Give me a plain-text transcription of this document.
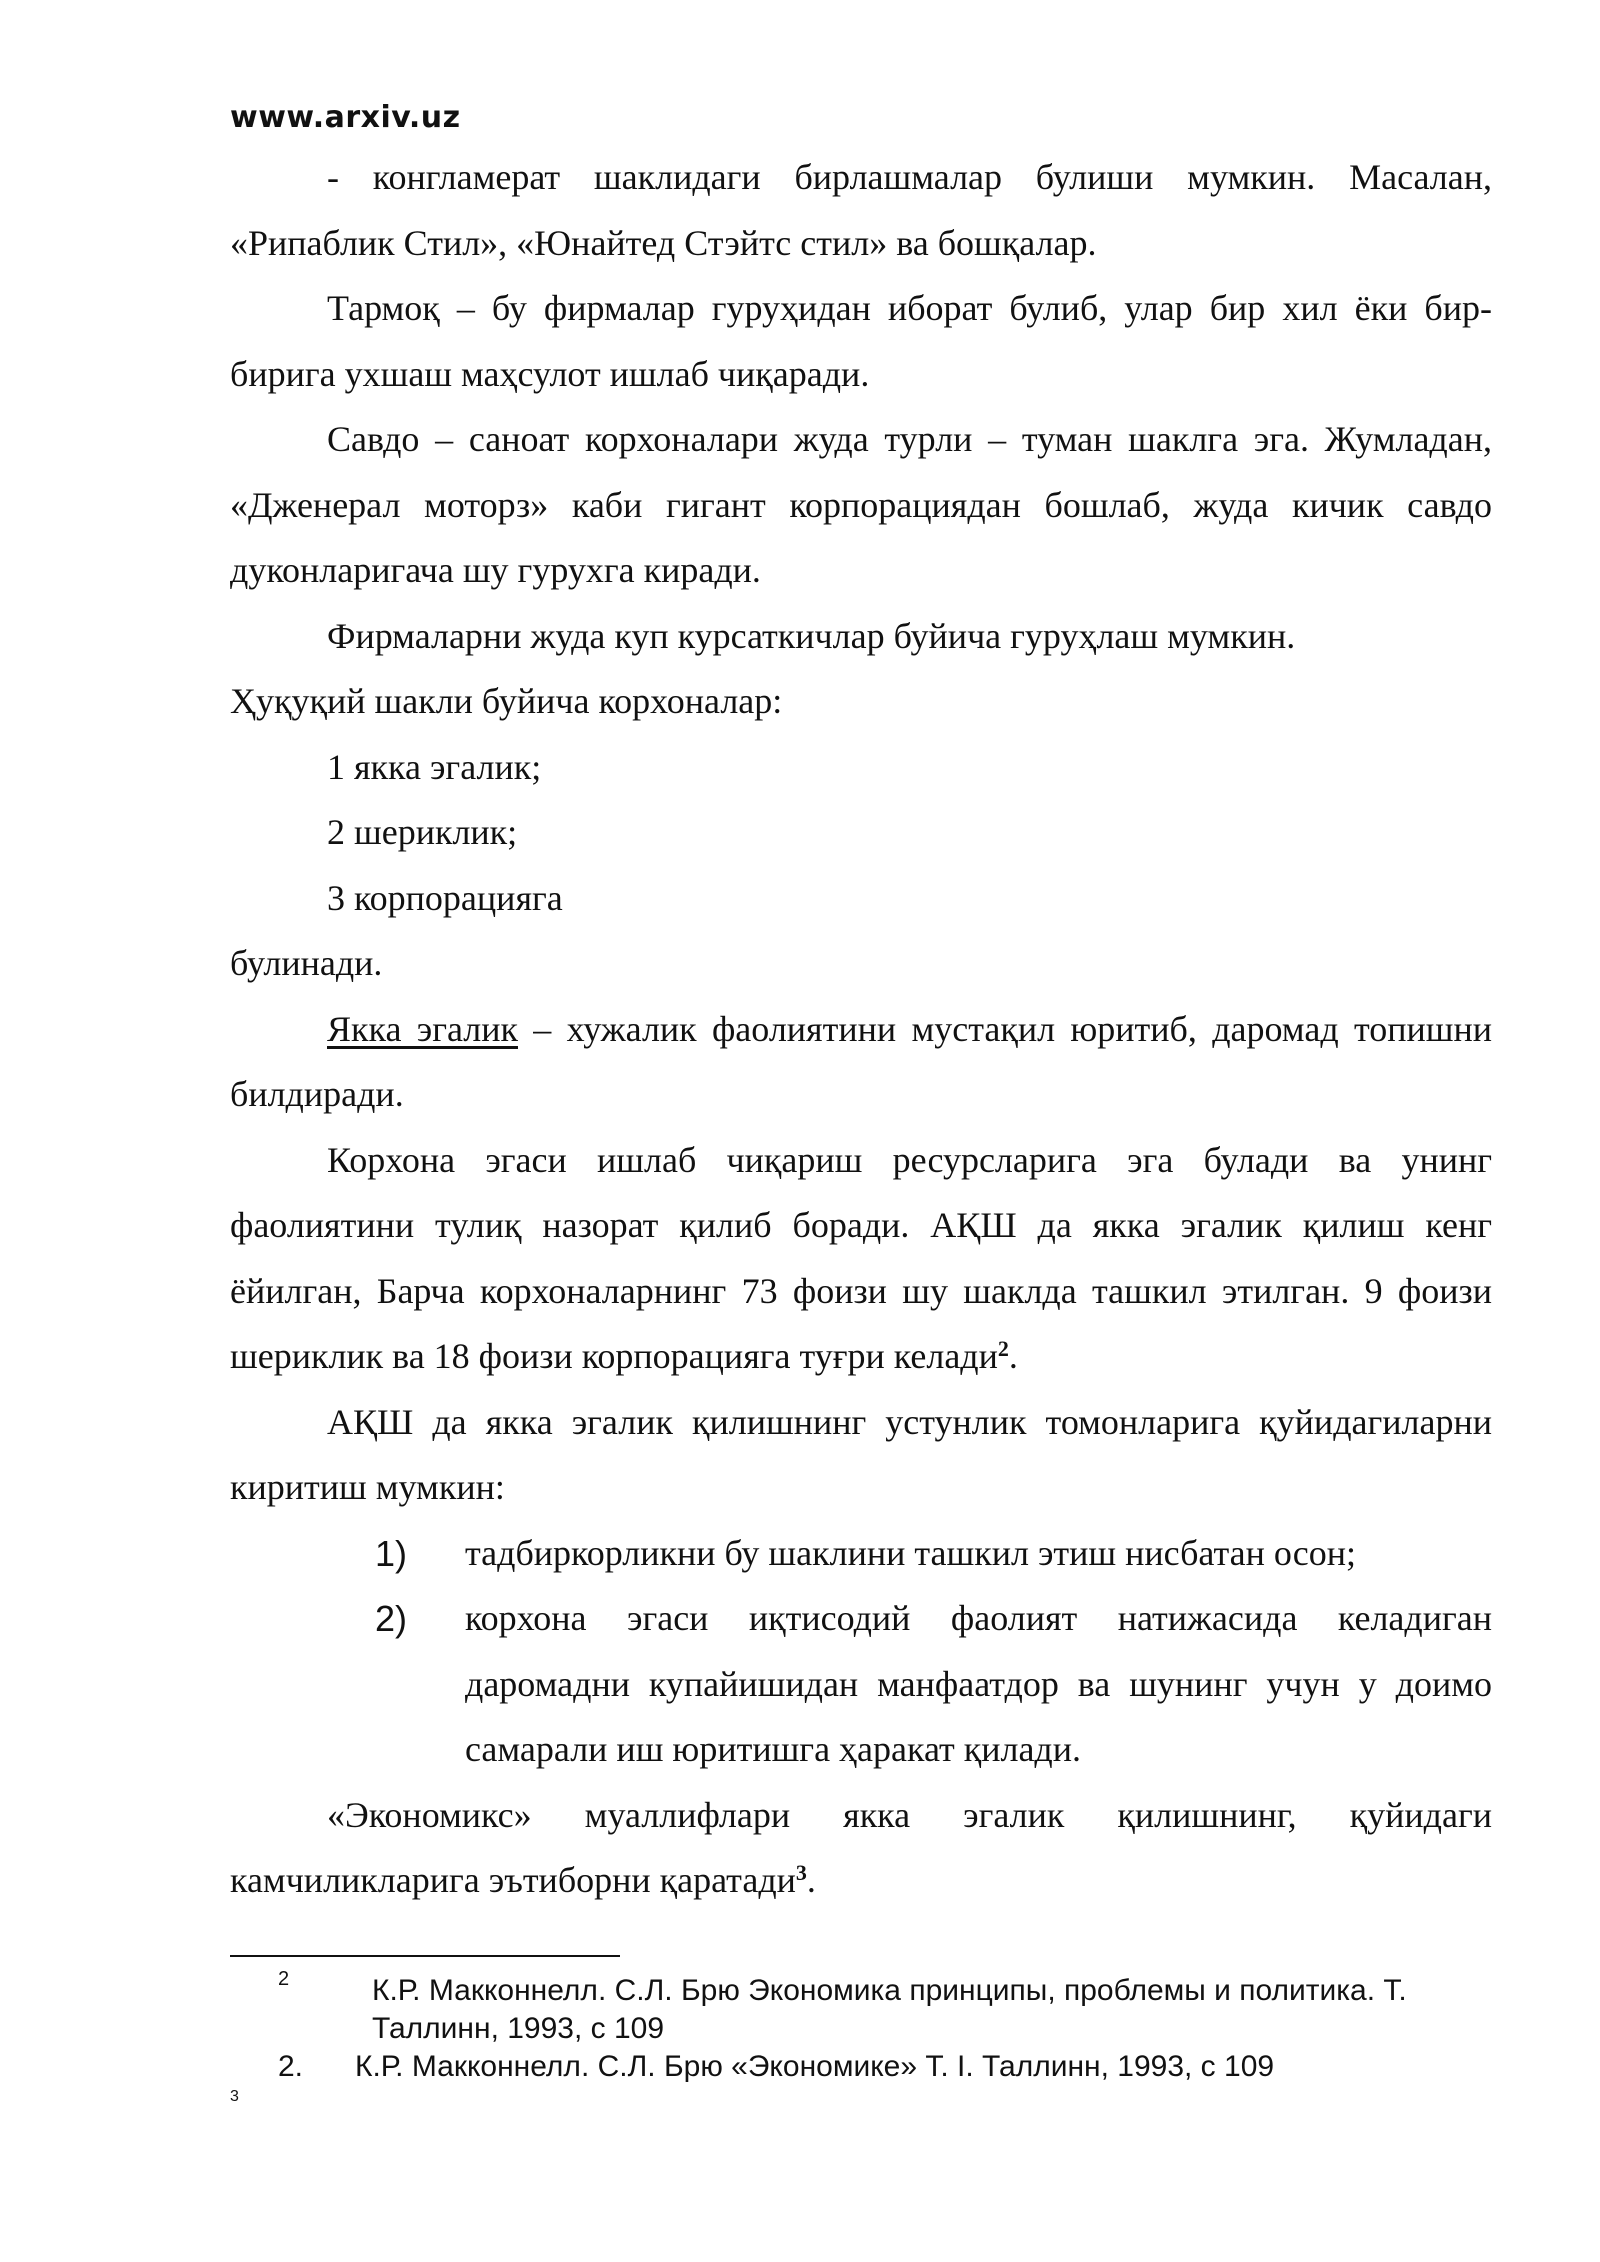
www.arxiv.uz

- конгламерат шаклидаги бирлашмалар булиши мумкин. Масалан, «Рипаблик Стил», «Юнайтед Стэйтс стил» ва бошқалар.

Тармоқ – бу фирмалар гуруҳидан иборат булиб, улар бир хил ёки бир-бирига ухшаш маҳсулот ишлаб чиқаради.

Савдо – саноат корхоналари жуда турли – туман шаклга эга. Жумладан, «Дженерал моторз» каби гигант корпорациядан бошлаб, жуда кичик савдо дуконларигача шу гурухга киради.

Фирмаларни жуда куп курсаткичлар буйича гуруҳлаш мумкин.

Ҳуқуқий шакли буйича корхоналар:

1 якка эгалик;

2 шериклик;

3 корпорацияга

булинади.

Якка эгалик – хужалик фаолиятини мустақил юритиб, даромад топишни билдиради.

Корхона эгаси ишлаб чиқариш ресурсларига эга булади ва унинг фаолиятини тулиқ назорат қилиб боради. АҚШ да якка эгалик қилиш кенг ёйилган, Барча корхоналарнинг 73 фоизи шу шаклда ташкил этилган. 9 фоизи шериклик ва 18 фоизи корпорацияга туғри келади$^2$.

АҚШ да якка эгалик қилишнинг устунлик томонларига қуйидагиларни киритиш мумкин:

1) тадбиркорликни бу шаклини ташкил этиш нисбатан осон;
2) корхона эгаси иқтисодий фаолият натижасида келадиган даромадни купайишидан манфаатдор ва шунинг учун у доимо самарали иш юритишга ҳаракат қилади.

«Экономикс» муаллифлари якка эгалик қилишнинг, қуйидаги камчиликларига эътиборни қаратади$^3$.

2	К.Р. Макконнелл. С.Л. Брю Экономика принципы, проблемы и политика. Т. Таллинн, 1993, с 109
2. К.Р. Макконнелл. С.Л. Брю «Экономике» Т. I. Таллинн, 1993, с 109
3
